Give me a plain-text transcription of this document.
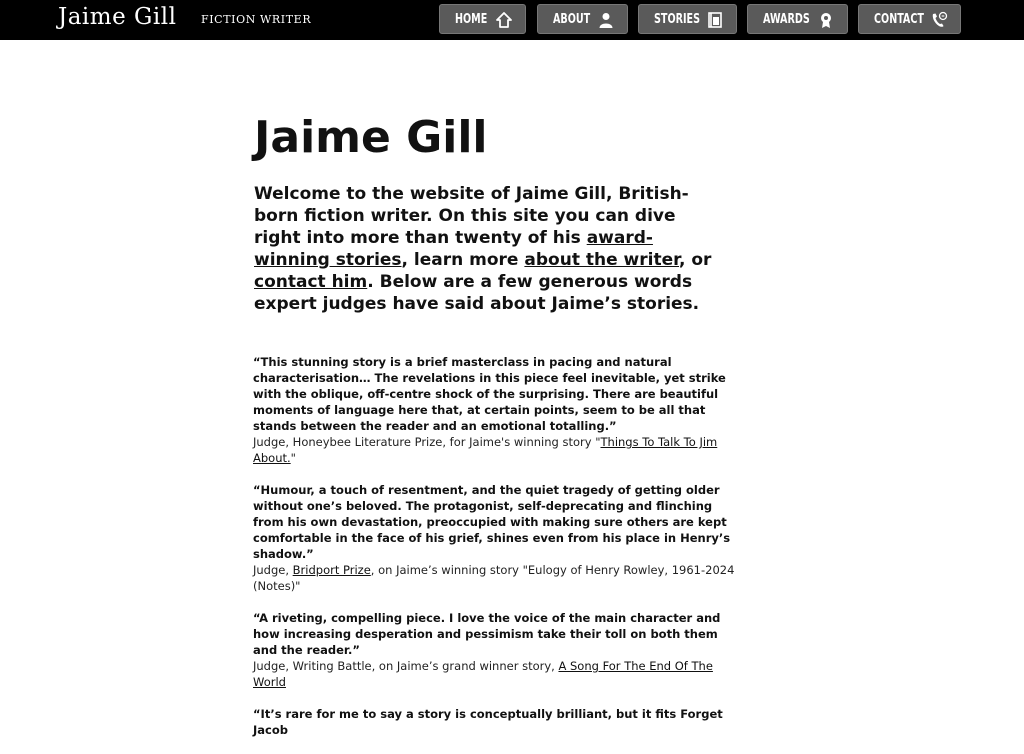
Jaime Gill FICTION WRITER	HOME	ABOUT	STORIES	AWARDS	CONTACT
Jaime Gill

Welcome to the website of Jaime Gill, British-born fiction writer. On this site you can dive right into more than twenty of his award-winning stories, learn more about the writer, or contact him. Below are a few generous words expert judges have said about Jaime’s stories.

“This stunning story is a brief masterclass in pacing and natural characterisation… The revelations in this piece feel inevitable, yet strike with the oblique, off-centre shock of the surprising. There are beautiful moments of language here that, at certain points, seem to be all that stands between the reader and an emotional totalling.”

Judge, Honeybee Literature Prize, for Jaime's winning story "Things To Talk To Jim About."

“Humour, a touch of resentment, and the quiet tragedy of getting older without one’s beloved. The protagonist, self-deprecating and flinching from his own devastation, preoccupied with making sure others are kept comfortable in the face of his grief, shines even from his place in Henry’s shadow.”

Judge, Bridport Prize, on Jaime’s winning story "Eulogy of Henry Rowley, 1961-2024 (Notes)"

“A riveting, compelling piece. I love the voice of the main character and how increasing desperation and pessimism take their toll on both them and the reader.”

Judge, Writing Battle, on Jaime’s grand winner story, A Song For The End Of The World

“It’s rare for me to say a story is conceptually brilliant, but it fits Forget Jacob
